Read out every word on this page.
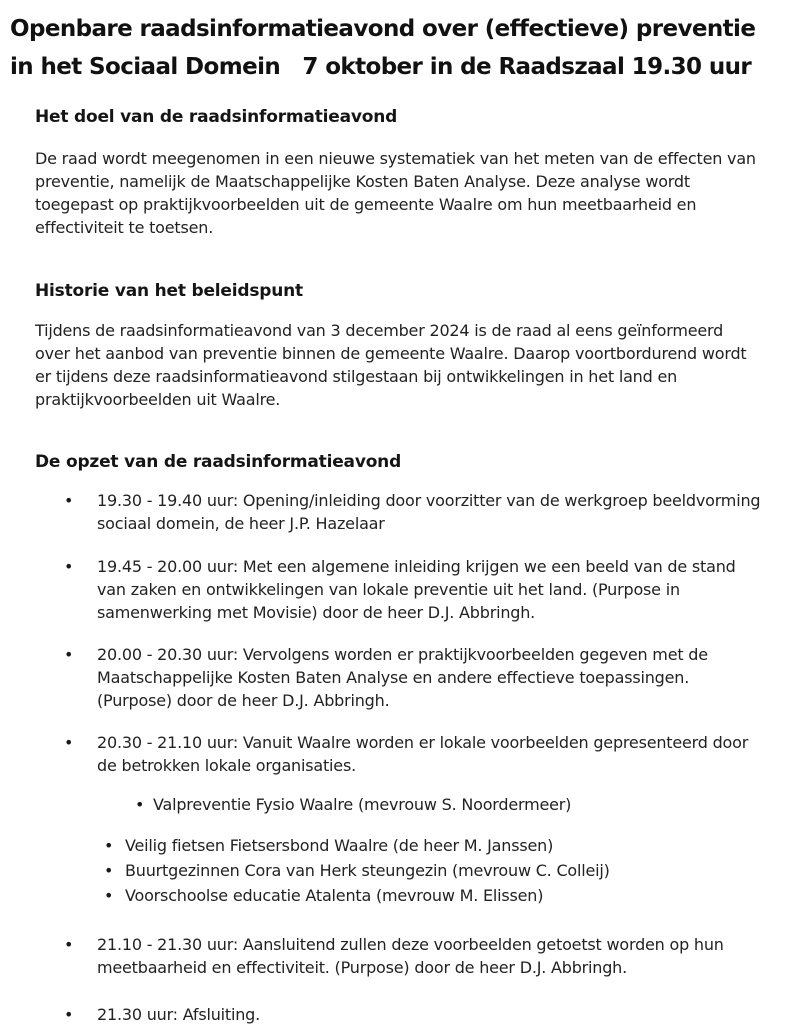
Openbare raadsinformatieavond over (effectieve) preventie
in het Sociaal Domein   7 oktober in de Raadszaal 19.30 uur
Het doel van de raadsinformatieavond
De raad wordt meegenomen in een nieuwe systematiek van het meten van de effecten van preventie, namelijk de Maatschappelijke Kosten Baten Analyse. Deze analyse wordt toegepast op praktijkvoorbeelden uit de gemeente Waalre om hun meetbaarheid en effectiviteit te toetsen.
Historie van het beleidspunt
Tijdens de raadsinformatieavond van 3 december 2024 is de raad al eens geïnformeerd over het aanbod van preventie binnen de gemeente Waalre. Daarop voortbordurend wordt er tijdens deze raadsinformatieavond stilgestaan bij ontwikkelingen in het land en praktijkvoorbeelden uit Waalre.
De opzet van de raadsinformatieavond
•	19.30 - 19.40 uur: Opening/inleiding door voorzitter van de werkgroep beeldvorming sociaal domein, de heer J.P. Hazelaar
•	19.45 - 20.00 uur: Met een algemene inleiding krijgen we een beeld van de stand van zaken en ontwikkelingen van lokale preventie uit het land. (Purpose in samenwerking met Movisie) door de heer D.J. Abbringh.
•	20.00 - 20.30 uur: Vervolgens worden er praktijkvoorbeelden gegeven met de Maatschappelijke Kosten Baten Analyse en andere effectieve toepassingen. (Purpose) door de heer D.J. Abbringh.
•	20.30 - 21.10 uur: Vanuit Waalre worden er lokale voorbeelden gepresenteerd door de betrokken lokale organisaties.
• Valpreventie Fysio Waalre (mevrouw S. Noordermeer)
• Veilig fietsen Fietsersbond Waalre (de heer M. Janssen)
• Buurtgezinnen Cora van Herk steungezin (mevrouw C. Colleij)
• Voorschoolse educatie Atalenta (mevrouw M. Elissen)
•	21.10 - 21.30 uur: Aansluitend zullen deze voorbeelden getoetst worden op hun meetbaarheid en effectiviteit. (Purpose) door de heer D.J. Abbringh.
•	21.30 uur: Afsluiting.
